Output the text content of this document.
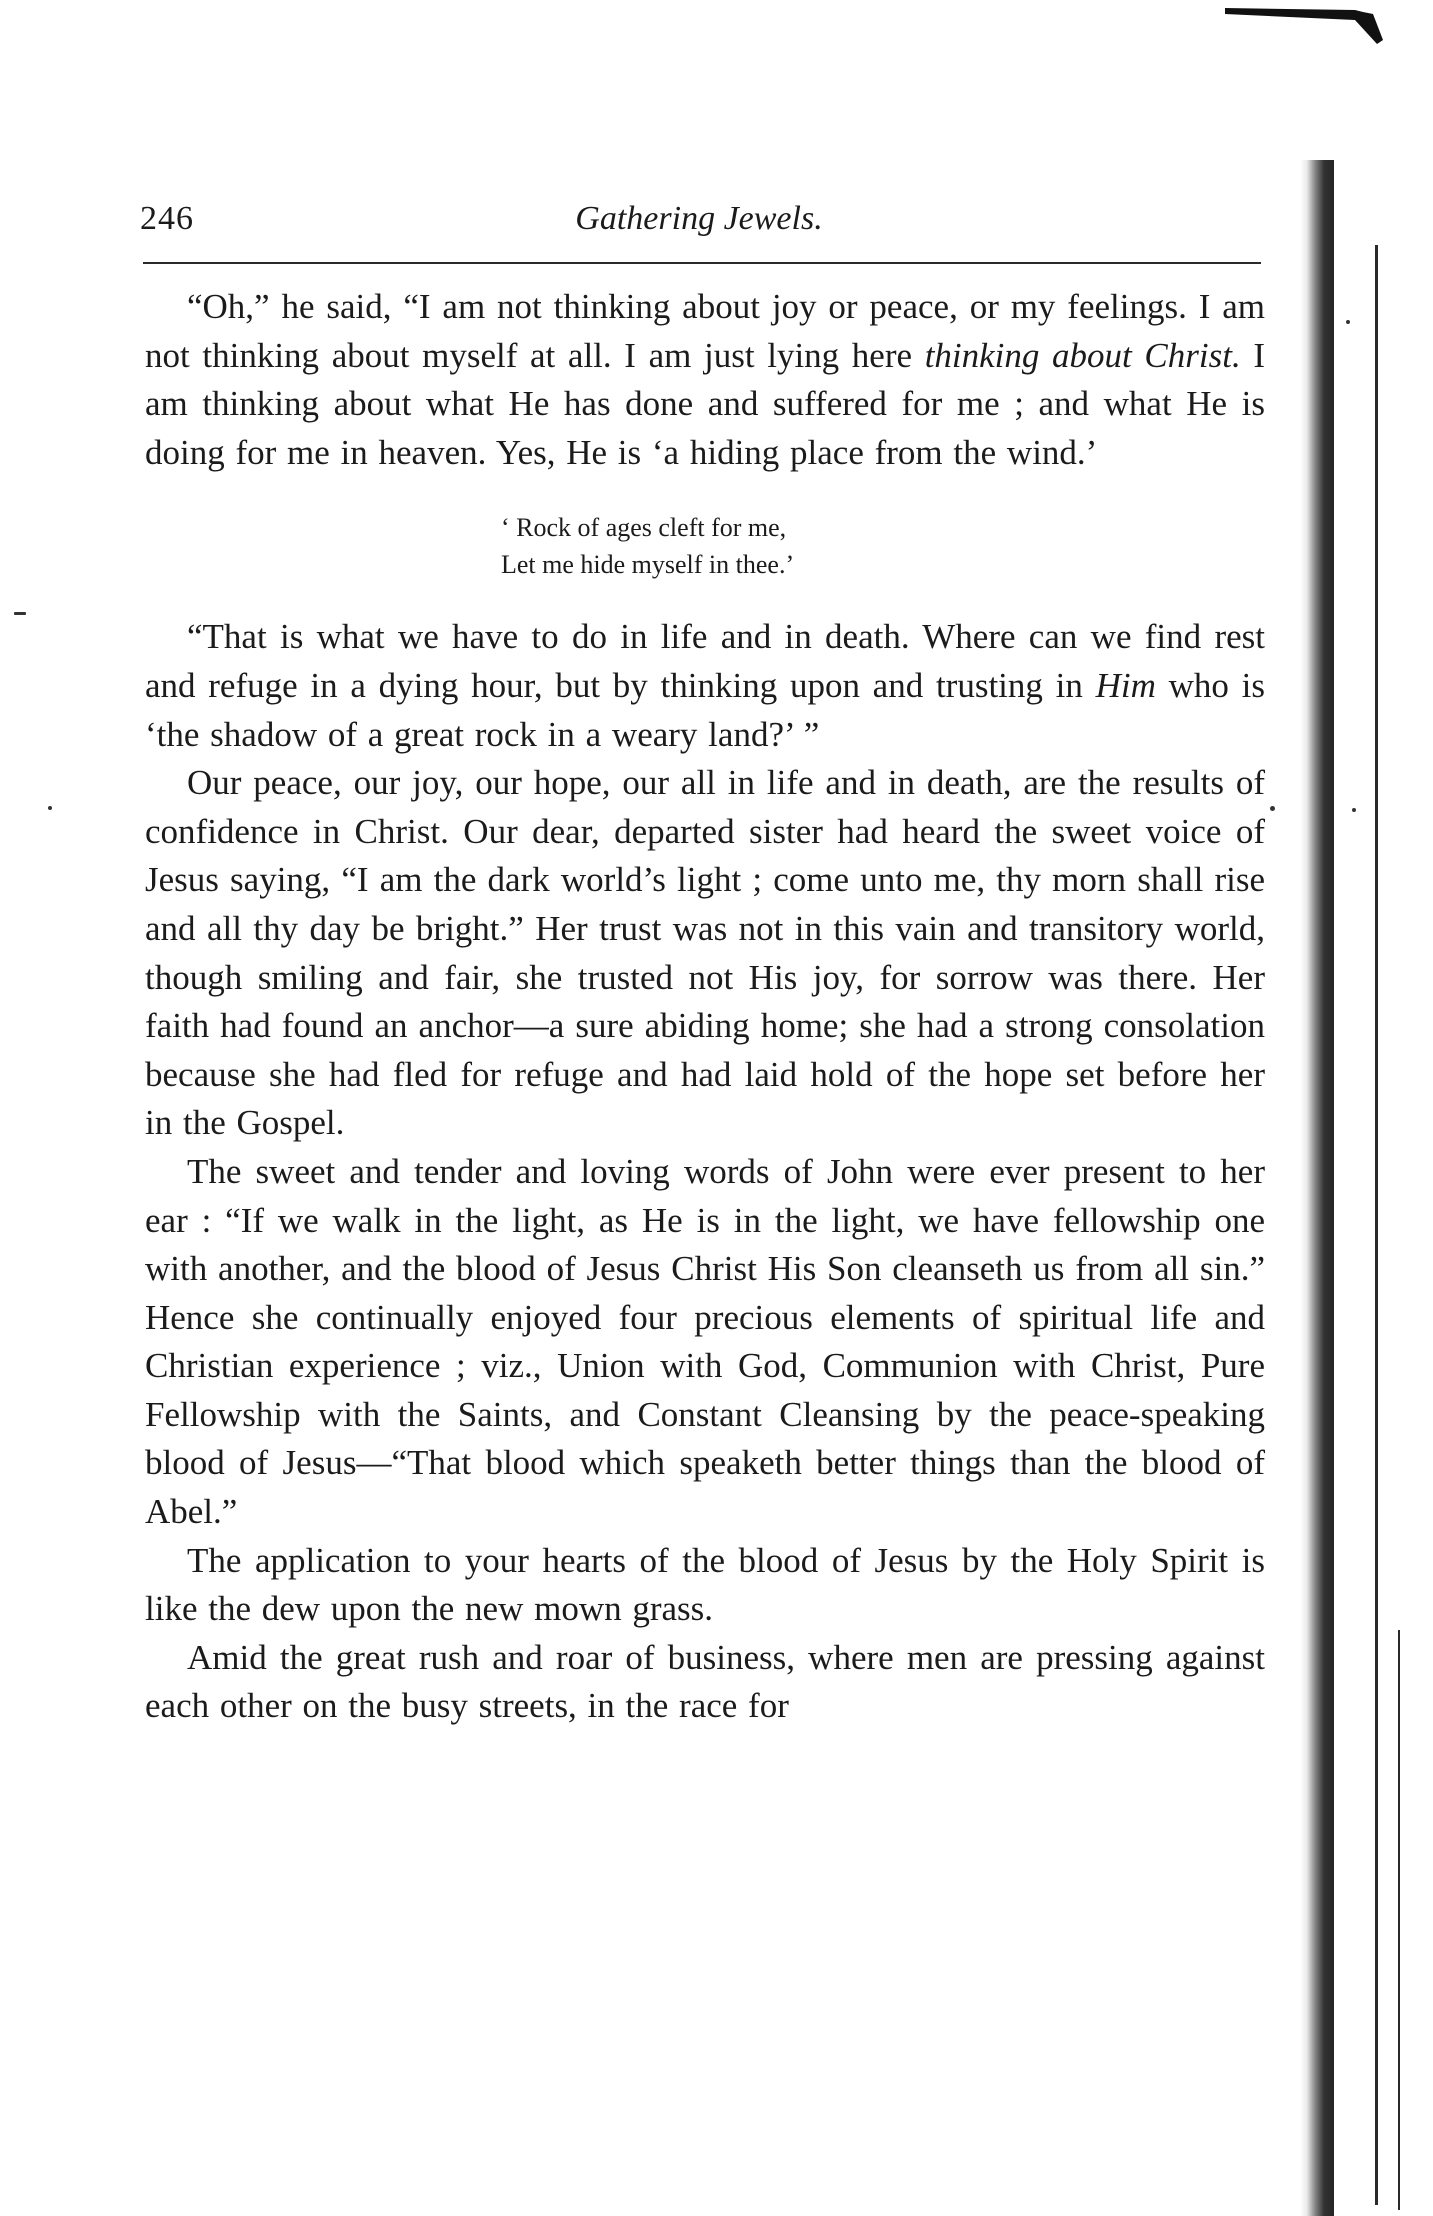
246	Gathering Jewels.

“Oh,” he said, “I am not thinking about joy or peace, or my feelings. I am not thinking about myself at all. I am just lying here thinking about Christ. I am thinking about what He has done and suffered for me ; and what He is doing for me in heaven. Yes, He is ‘a hiding place from the wind.’

‘ Rock of ages cleft for me,
Let me hide myself in thee.’

“That is what we have to do in life and in death. Where can we find rest and refuge in a dying hour, but by thinking upon and trusting in Him who is ‘the shadow of a great rock in a weary land?’ ”

Our peace, our joy, our hope, our all in life and in death, are the results of confidence in Christ. Our dear, departed sister had heard the sweet voice of Jesus saying, “I am the dark world’s light ; come unto me, thy morn shall rise and all thy day be bright.” Her trust was not in this vain and transitory world, though smiling and fair, she trusted not His joy, for sorrow was there. Her faith had found an anchor—a sure abiding home; she had a strong consolation because she had fled for refuge and had laid hold of the hope set before her in the Gospel.

The sweet and tender and loving words of John were ever present to her ear : “If we walk in the light, as He is in the light, we have fellowship one with another, and the blood of Jesus Christ His Son cleanseth us from all sin.” Hence she continually enjoyed four precious elements of spiritual life and Christian experience ; viz., Union with God, Communion with Christ, Pure Fellowship with the Saints, and Constant Cleansing by the peace-speaking blood of Jesus—“That blood which speaketh better things than the blood of Abel.”

The application to your hearts of the blood of Jesus by the Holy Spirit is like the dew upon the new mown grass.

Amid the great rush and roar of business, where men are pressing against each other on the busy streets, in the race for
